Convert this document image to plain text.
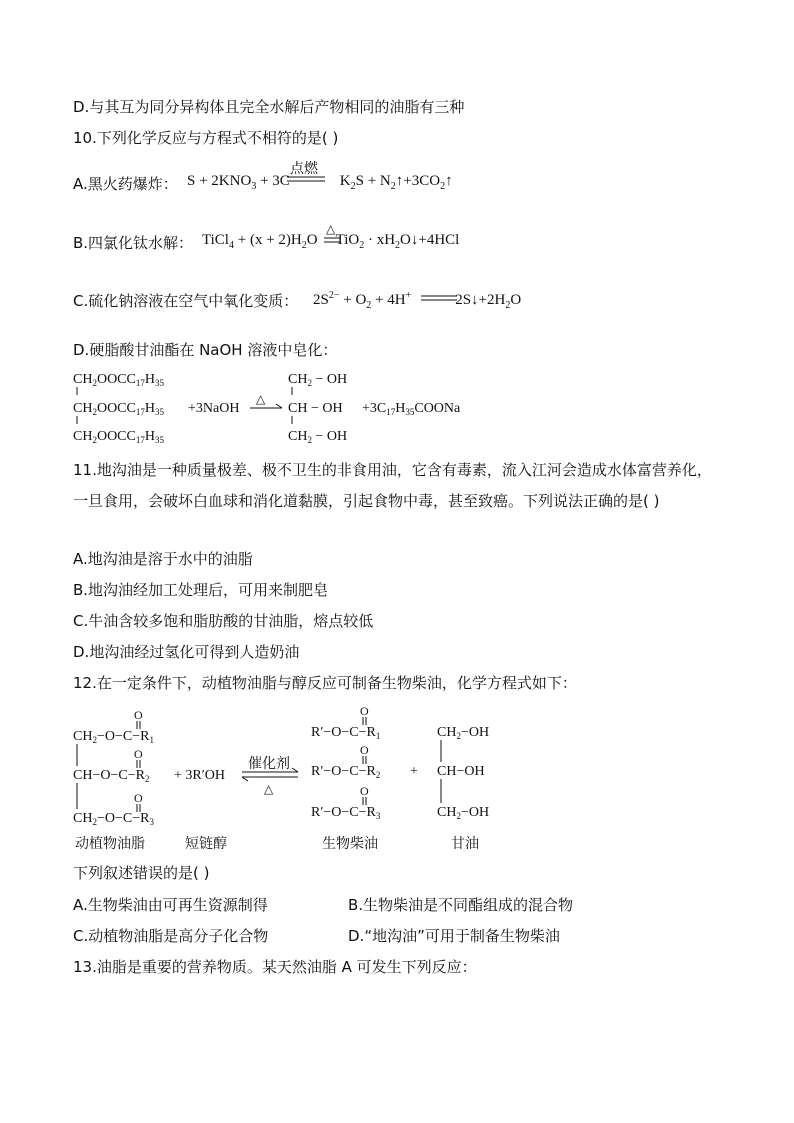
D.与其互为同分异构体且完全水解后产物相同的油脂有三种
10.下列化学反应与方程式不相符的是( )
A.黑火药爆炸： $S + 2KNO_3 + 3C$	$K_2S$ + $N_2↑+3CO_2↑$
点燃
B.四氯化钛水解： TiCl$_4$ + $(x + 2)H_2O$ $TiO_2 \cdot xH_2O↓+4HCl$
△
C.硫化钠溶液在空气中氧化变质： $2S^{2-} + O_2 + 4H^+$	$2S↓+2H_2O$
D.硬脂酸甘油酯在 NaOH 溶液中皂化：
$CH_2OOCC_{17}H_{35}$
$CH_2OOCC_{17}H_{35}$
$CH_2OOCC_{17}H_{35}$
+3NaOH
$CH_2$ − OH
CH − OH
$CH_2$ − OH
$+3C_{17}H_{35}COONa$
△
11.地沟油是一种质量极差、极不卫生的非食用油，它含有毒素，流入江河会造成水体富营养化，一旦食用，会破坏白血球和消化道黏膜，引起食物中毒，甚至致癌。下列说法正确的是( )
A.地沟油是溶于水中的油脂
B.地沟油经加工处理后，可用来制肥皂
C.牛油含较多饱和脂肪酸的甘油脂，熔点较低
D.地沟油经过氢化可得到人造奶油
12.在一定条件下，动植物油脂与醇反应可制备生物柴油，化学方程式如下：
O
$CH_2-O-C-R_1$
O
$CH-O-C-R_2$
O
$CH_2-O-C-R_3$
+ 3R′OH
O
$R'-O-C-R_1$
O
$R'-O-C-R_2$
O
$R'-O-C-R_3$
+
$CH_2-OH$
CH−OH
$CH_2-OH$
催化剂
△
动植物油脂	短链醇	生物柴油	甘油
下列叙述错误的是( )
A.生物柴油由可再生资源制得	B.生物柴油是不同酯组成的混合物
C.动植物油脂是高分子化合物	D.“地沟油”可用于制备生物柴油
13.油脂是重要的营养物质。某天然油脂 A 可发生下列反应：
